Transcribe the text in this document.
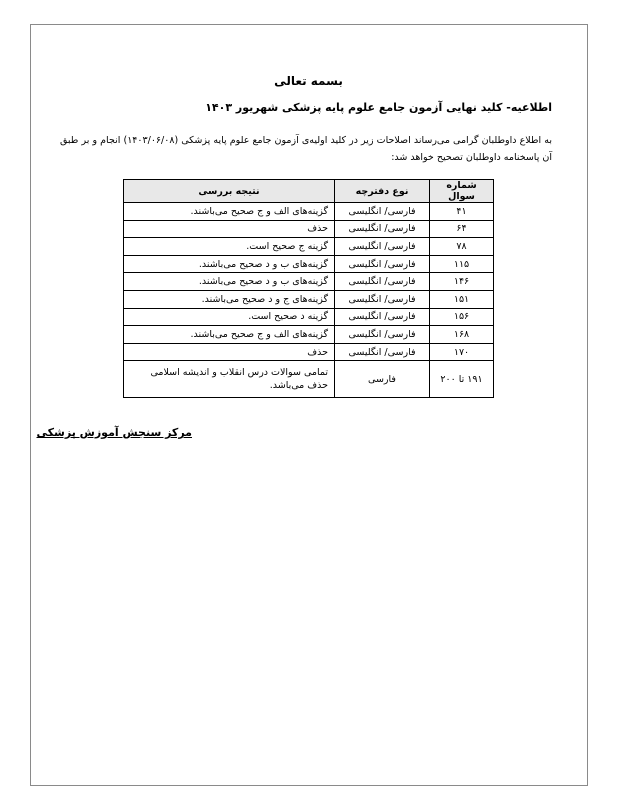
بسمه تعالی
اطلاعیه- کلید نهایی آزمون جامع علوم پایه پزشکی شهریور ۱۴۰۳
به اطلاع داوطلبان گرامی می‌رساند اصلاحات زیر در کلید اولیه‌ی آزمون جامع علوم پایه پزشکی (۱۴۰۳/۰۶/۰۸) انجام و بر طبق آن پاسخنامه داوطلبان تصحیح خواهد شد:
شماره سوال	نوع دفترچه	نتیجه بررسی
۴۱	فارسی/ انگلیسی	گزینه‌های الف و ج صحیح می‌باشند.
۶۴	فارسی/ انگلیسی	حذف
۷۸	فارسی/ انگلیسی	گزینه ج صحیح است.
۱۱۵	فارسی/ انگلیسی	گزینه‌های ب و د صحیح می‌باشند.
۱۴۶	فارسی/ انگلیسی	گزینه‌های ب و د صحیح می‌باشند.
۱۵۱	فارسی/ انگلیسی	گزینه‌های ج و د صحیح می‌باشند.
۱۵۶	فارسی/ انگلیسی	گزینه د صحیح است.
۱۶۸	فارسی/ انگلیسی	گزینه‌های الف و ج صحیح می‌باشند.
۱۷۰	فارسی/ انگلیسی	حذف
۱۹۱ تا ۲۰۰	فارسی	تمامی سوالات درس انقلاب و اندیشه اسلامی حذف می‌باشد.
مرکز سنجش آموزش پزشکی
